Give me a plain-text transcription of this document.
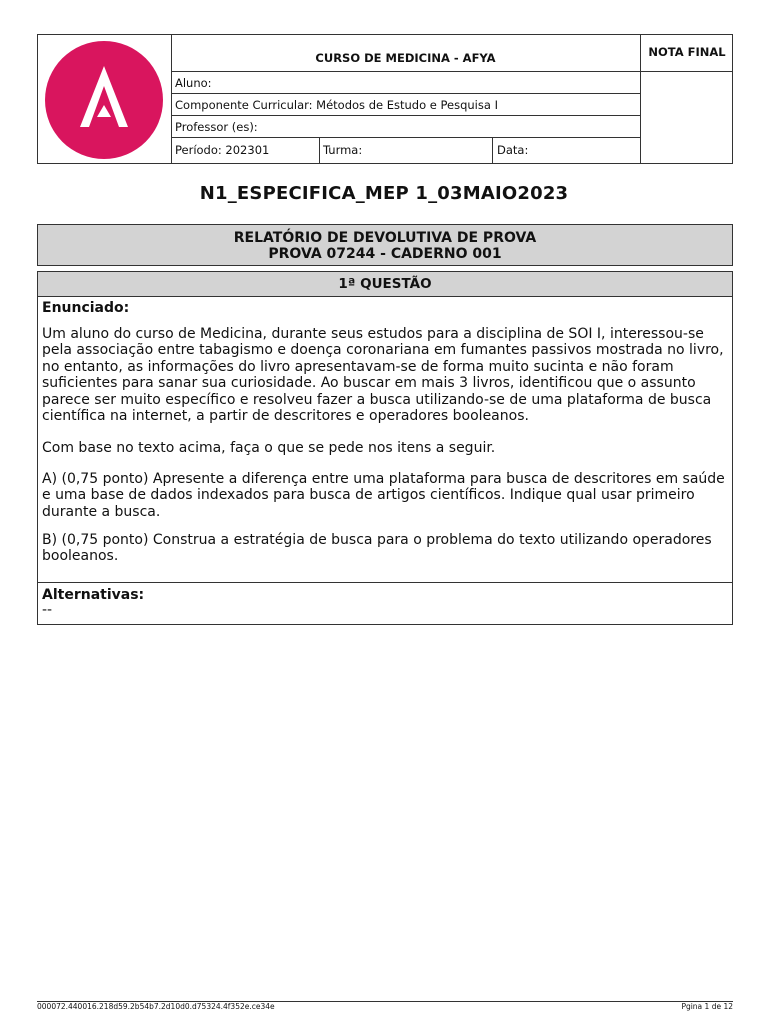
CURSO DE MEDICINA - AFYA
Aluno:
Componente Curricular: Métodos de Estudo e Pesquisa I
Professor (es):
Período: 202301	Turma:	Data:
NOTA FINAL
N1_ESPECIFICA_MEP 1_03MAIO2023
RELATÓRIO DE DEVOLUTIVA DE PROVA
PROVA 07244 - CADERNO 001
1ª QUESTÃO
Enunciado:
Um aluno do curso de Medicina, durante seus estudos para a disciplina de SOI I, interessou-se pela associação entre tabagismo e doença coronariana em fumantes passivos mostrada no livro, no entanto, as informações do livro apresentavam-se de forma muito sucinta e não foram suficientes para sanar sua curiosidade. Ao buscar em mais 3 livros, identificou que o assunto parece ser muito específico e resolveu fazer a busca utilizando-se de uma plataforma de busca científica na internet, a partir de descritores e operadores booleanos.
Com base no texto acima, faça o que se pede nos itens a seguir.
A) (0,75 ponto) Apresente a diferença entre uma plataforma para busca de descritores em saúde e uma base de dados indexados para busca de artigos científicos. Indique qual usar primeiro durante a busca.
B) (0,75 ponto) Construa a estratégia de busca para o problema do texto utilizando operadores booleanos.
Alternativas:
--
000072.440016.218d59.2b54b7.2d10d0.d75324.4f352e.ce34e	Pgina 1 de 12
